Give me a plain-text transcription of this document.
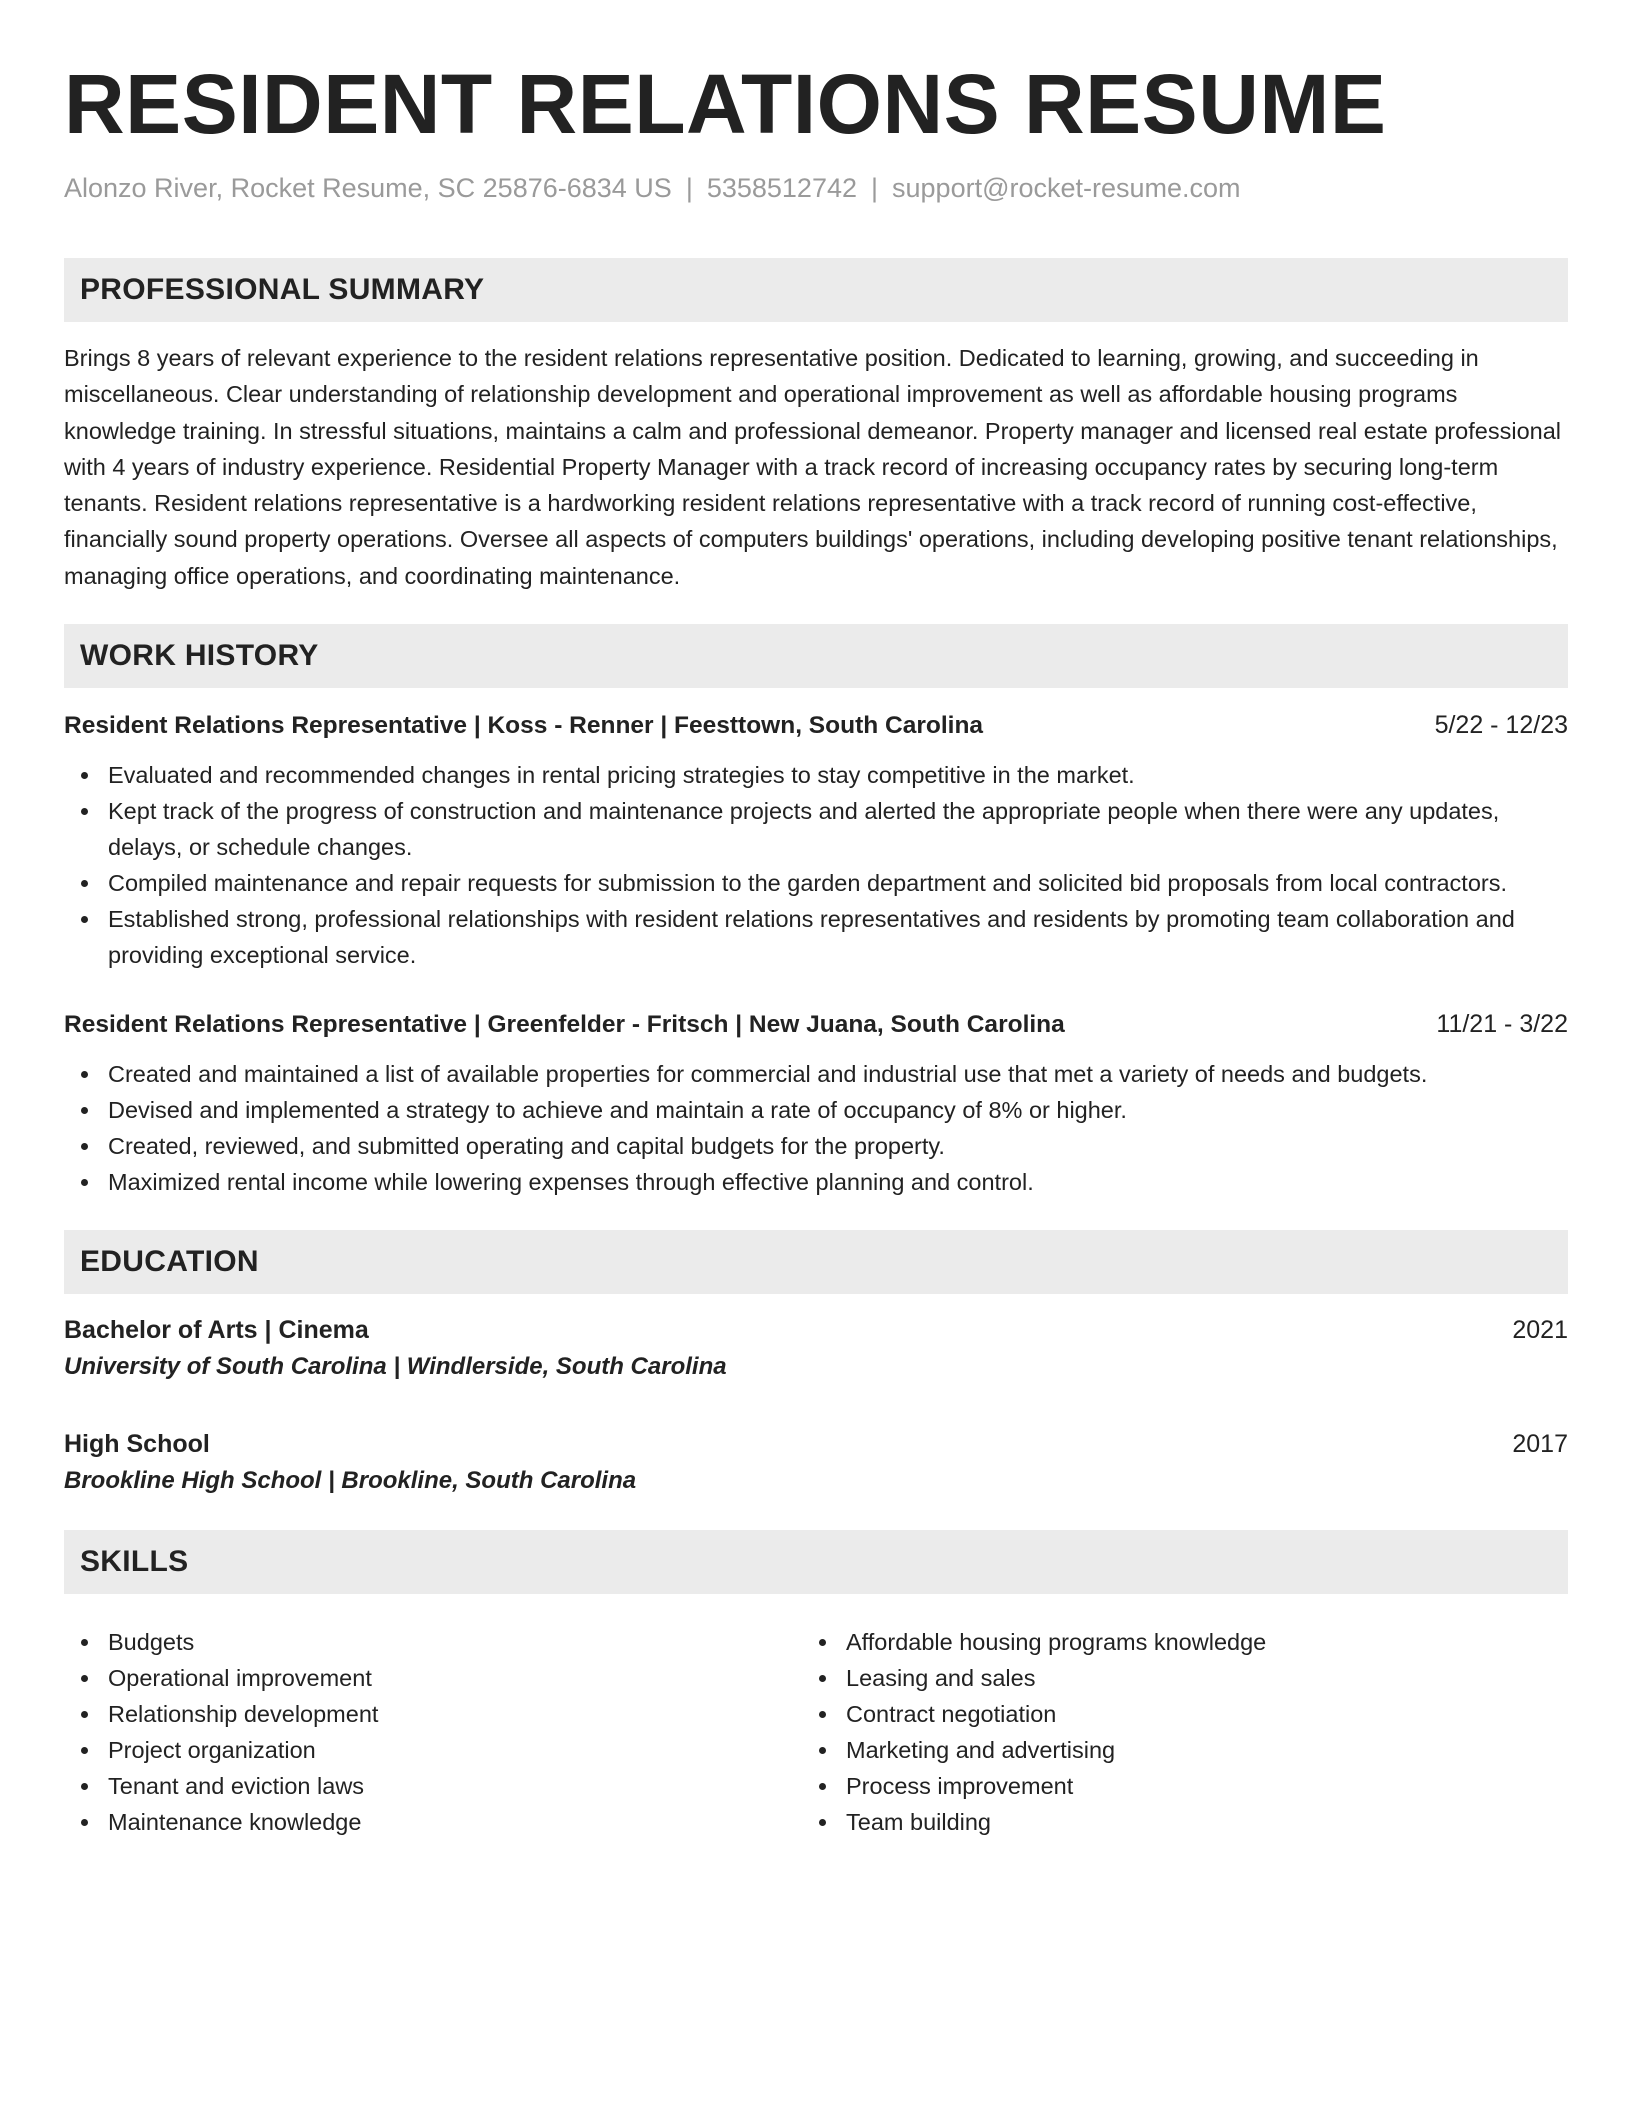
RESIDENT RELATIONS RESUME
Alonzo River, Rocket Resume, SC 25876-6834 US | 5358512742 | support@rocket-resume.com
PROFESSIONAL SUMMARY

Brings 8 years of relevant experience to the resident relations representative position. Dedicated to learning, growing, and succeeding in miscellaneous. Clear understanding of relationship development and operational improvement as well as affordable housing programs knowledge training. In stressful situations, maintains a calm and professional demeanor. Property manager and licensed real estate professional with 4 years of industry experience. Residential Property Manager with a track record of increasing occupancy rates by securing long-term tenants. Resident relations representative is a hardworking resident relations representative with a track record of running cost-effective, financially sound property operations. Oversee all aspects of computers buildings' operations, including developing positive tenant relationships, managing office operations, and coordinating maintenance.

WORK HISTORY
Resident Relations Representative | Koss - Renner | Feesttown, South Carolina	5/22 - 12/23
Evaluated and recommended changes in rental pricing strategies to stay competitive in the market.
Kept track of the progress of construction and maintenance projects and alerted the appropriate people when there were any updates, delays, or schedule changes.
Compiled maintenance and repair requests for submission to the garden department and solicited bid proposals from local contractors.
Established strong, professional relationships with resident relations representatives and residents by promoting team collaboration and providing exceptional service.
Resident Relations Representative | Greenfelder - Fritsch | New Juana, South Carolina	11/21 - 3/22
Created and maintained a list of available properties for commercial and industrial use that met a variety of needs and budgets.
Devised and implemented a strategy to achieve and maintain a rate of occupancy of 8% or higher.
Created, reviewed, and submitted operating and capital budgets for the property.
Maximized rental income while lowering expenses through effective planning and control.
EDUCATION
Bachelor of Arts | Cinema	2021
University of South Carolina | Windlerside, South Carolina
High School	2017
Brookline High School | Brookline, South Carolina
SKILLS
Budgets
Operational improvement
Relationship development
Project organization
Tenant and eviction laws
Maintenance knowledge
Affordable housing programs knowledge
Leasing and sales
Contract negotiation
Marketing and advertising
Process improvement
Team building
